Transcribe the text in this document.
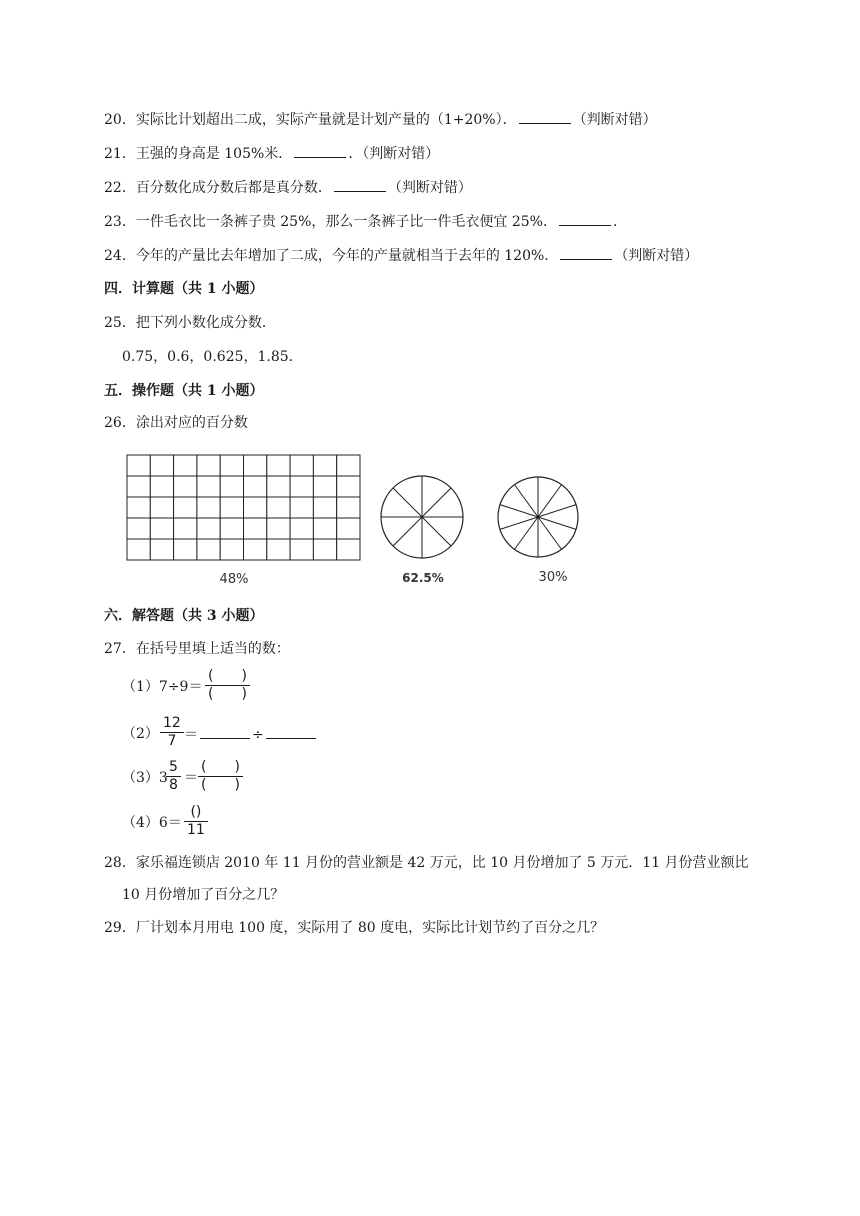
20．实际比计划超出二成，实际产量就是计划产量的（1+20%）．	（判断对错）
21．王强的身高是 105%米．	．（判断对错）
22．百分数化成分数后都是真分数．	（判断对错）
23．一件毛衣比一条裤子贵 25%，那么一条裤子比一件毛衣便宜 25%．	．
24．今年的产量比去年增加了二成，今年的产量就相当于去年的 120%．	（判断对错）
四．计算题（共 1 小题）
25．把下列小数化成分数．
0.75，0.6，0.625，1.85．
五．操作题（共 1 小题）
26．涂出对应的百分数
48%	62.5%	30%
六．解答题（共 3 小题）
27．在括号里填上适当的数：
（1）7÷9＝
(　　)
(　　)
（2）
12
7 ＝	÷
（3）3
5
8 ＝
(　　)
(　　)
（4）6＝
()
11
28．家乐福连锁店 2010 年 11 月份的营业额是 42 万元，比 10 月份增加了 5 万元．11 月份营业额比
10 月份增加了百分之几？
29．厂计划本月用电 100 度，实际用了 80 度电，实际比计划节约了百分之几？
